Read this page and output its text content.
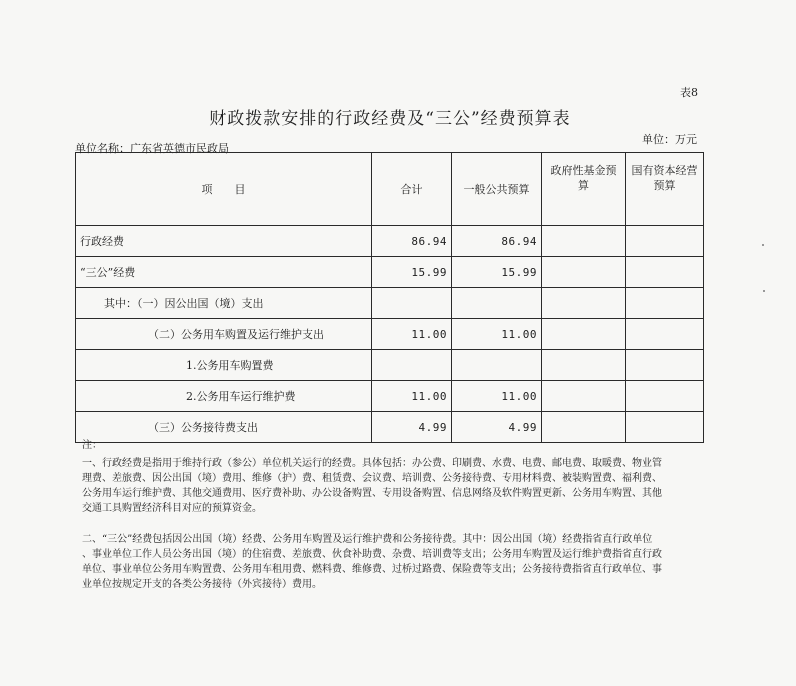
表8
财政拨款安排的行政经费及“三公”经费预算表
单位名称：广东省英德市民政局
单位：万元
项　　目	合计	一般公共预算	政府性基金预算	国有资本经营预算
行政经费	86.94	86.94		
“三公”经费	15.99	15.99		
其中：（一）因公出国（境）支出				
（二）公务用车购置及运行维护支出	11.00	11.00		
1.公务用车购置费				
2.公务用车运行维护费	11.00	11.00		
（三）公务接待费支出	4.99	4.99		

注：

一、行政经费是指用于维持行政（参公）单位机关运行的经费。具体包括：办公费、印刷费、水费、电费、邮电费、取暖费、物业管

理费、差旅费、因公出国（境）费用、维修（护）费、租赁费、会议费、培训费、公务接待费、专用材料费、被装购置费、福利费、

公务用车运行维护费、其他交通费用、医疗费补助、办公设备购置、专用设备购置、信息网络及软件购置更新、公务用车购置、其他

交通工具购置经济科目对应的预算资金。

二、“三公”经费包括因公出国（境）经费、公务用车购置及运行维护费和公务接待费。其中：因公出国（境）经费指省直行政单位

、事业单位工作人员公务出国（境）的住宿费、差旅费、伙食补助费、杂费、培训费等支出；公务用车购置及运行维护费指省直行政

单位、事业单位公务用车购置费、公务用车租用费、燃料费、维修费、过桥过路费、保险费等支出；公务接待费指省直行政单位、事

业单位按规定开支的各类公务接待（外宾接待）费用。
